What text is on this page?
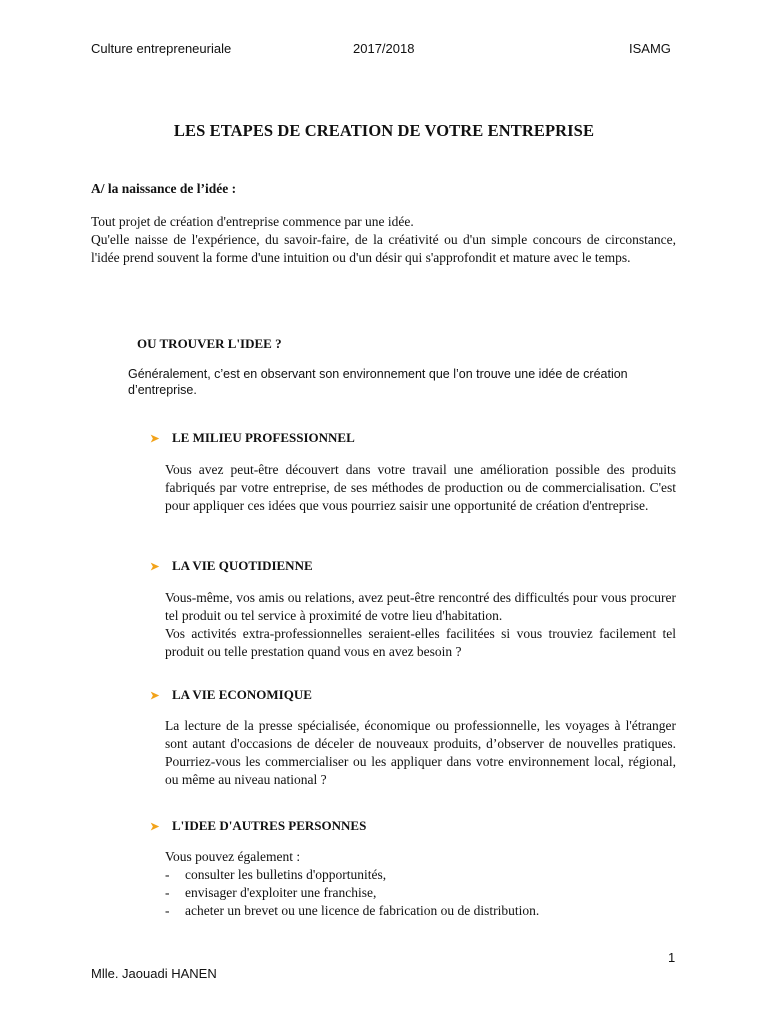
Culture entrepreneuriale	2017/2018	ISAMG
LES ETAPES DE CREATION DE VOTRE ENTREPRISE
A/ la naissance de l’idée :
Tout projet de création d'entreprise commence par une idée.
Qu'elle naisse de l'expérience, du savoir-faire, de la créativité ou d'un simple concours de circonstance, l'idée prend souvent la forme d'une intuition ou d'un désir qui s'approfondit et mature avec le temps.
OU TROUVER L'IDEE ?
Généralement, c’est en observant son environnement que l’on trouve une idée de création d’entreprise.
➤ LE MILIEU PROFESSIONNEL
Vous avez peut-être découvert dans votre travail une amélioration possible des produits fabriqués par votre entreprise, de ses méthodes de production ou de commercialisation. C'est pour appliquer ces idées que vous pourriez saisir une opportunité de création d'entreprise.
➤ LA VIE QUOTIDIENNE
Vous-même, vos amis ou relations, avez peut-être rencontré des difficultés pour vous procurer tel produit ou tel service à proximité de votre lieu d'habitation.
Vos activités extra-professionnelles seraient-elles facilitées si vous trouviez facilement tel produit ou telle prestation quand vous en avez besoin ?
➤ LA VIE ECONOMIQUE
La lecture de la presse spécialisée, économique ou professionnelle, les voyages à l'étranger sont autant d'occasions de déceler de nouveaux produits, d’observer de nouvelles pratiques. Pourriez-vous les commercialiser ou les appliquer dans votre environnement local, régional, ou même au niveau national ?
➤ L'IDEE D'AUTRES PERSONNES
Vous pouvez également :
-	consulter les bulletins d'opportunités,
-	envisager d'exploiter une franchise,
-	acheter un brevet ou une licence de fabrication ou de distribution.
1
Mlle. Jaouadi HANEN
